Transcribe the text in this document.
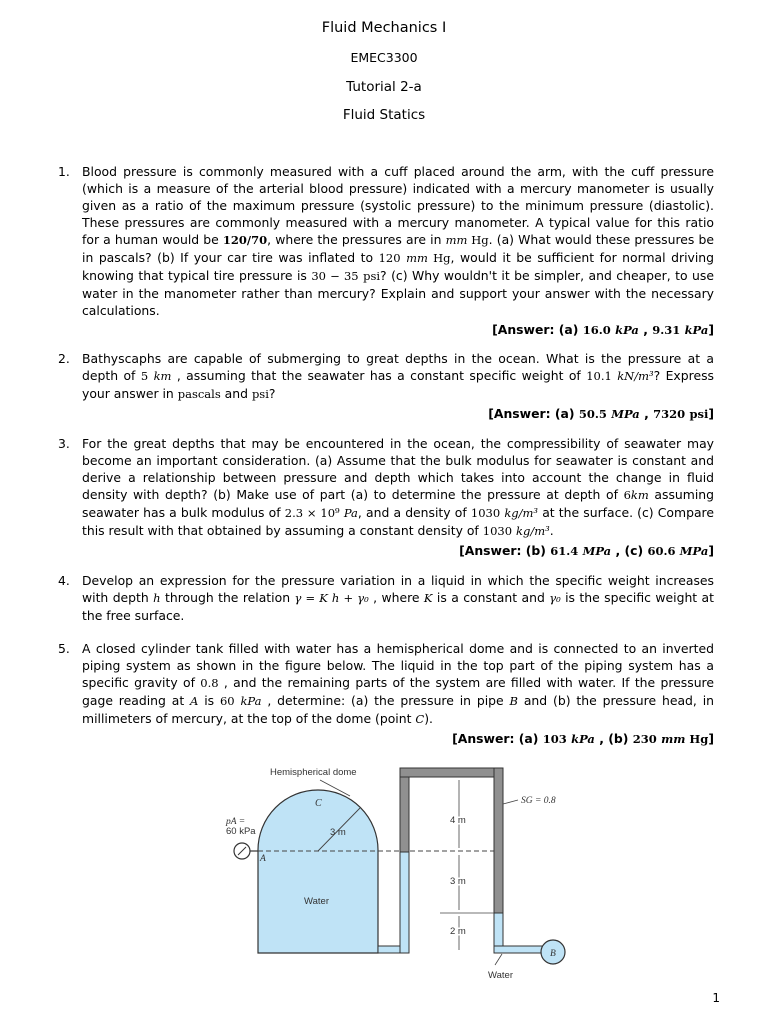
Fluid Mechanics I
EMEC3300
Tutorial 2-a
Fluid Statics
1. Blood pressure is commonly measured with a cuff placed around the arm, with the cuff pressure (which is a measure of the arterial blood pressure) indicated with a mercury manometer is usually given as a ratio of the maximum pressure (systolic pressure) to the minimum pressure (diastolic). These pressures are commonly measured with a mercury manometer. A typical value for this ratio for a human would be 120/70, where the pressures are in mm Hg. (a) What would these pressures be in pascals? (b) If your car tire was inflated to 120 mm Hg, would it be sufficient for normal driving knowing that typical tire pressure is 30 − 35 psi? (c) Why wouldn't it be simpler, and cheaper, to use water in the manometer rather than mercury? Explain and support your answer with the necessary calculations.
[Answer: (a) 16.0 kPa , 9.31 kPa]
2. Bathyscaphs are capable of submerging to great depths in the ocean. What is the pressure at a depth of 5 km , assuming that the seawater has a constant specific weight of 10.1 kN/m³? Express your answer in pascals and psi?
[Answer: (a) 50.5 MPa , 7320 psi]
3. For the great depths that may be encountered in the ocean, the compressibility of seawater may become an important consideration. (a) Assume that the bulk modulus for seawater is constant and derive a relationship between pressure and depth which takes into account the change in fluid density with depth? (b) Make use of part (a) to determine the pressure at depth of 6km assuming seawater has a bulk modulus of 2.3 × 10⁹ Pa, and a density of 1030 kg/m³ at the surface. (c) Compare this result with that obtained by assuming a constant density of 1030 kg/m³.
[Answer: (b) 61.4 MPa , (c) 60.6 MPa]
4. Develop an expression for the pressure variation in a liquid in which the specific weight increases with depth h through the relation γ = K h + γ₀ , where K is a constant and γ₀ is the specific weight at the free surface.
5. A closed cylinder tank filled with water has a hemispherical dome and is connected to an inverted piping system as shown in the figure below. The liquid in the top part of the piping system has a specific gravity of 0.8 , and the remaining parts of the system are filled with water. If the pressure gage reading at A is 60 kPa , determine: (a) the pressure in pipe B and (b) the pressure head, in millimeters of mercury, at the top of the dome (point C).
[Answer: (a) 103 kPa , (b) 230 mm Hg]
Hemispherical dome
C
pA =
60 kPa	3 m
A
Water
4 m
3 m
2 m
SG = 0.8
B
Water
1
